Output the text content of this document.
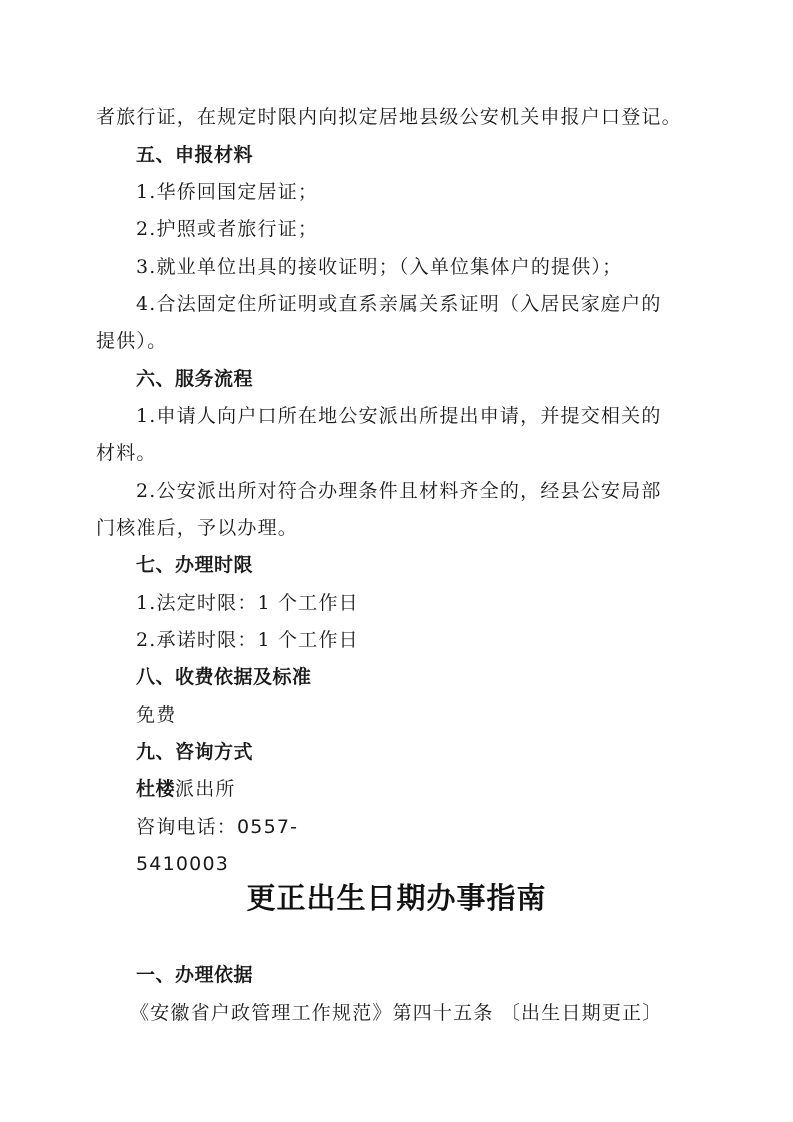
者旅行证，在规定时限内向拟定居地县级公安机关申报户口登记。
五、申报材料
1.华侨回国定居证；
2.护照或者旅行证；
3.就业单位出具的接收证明；（入单位集体户的提供）；
4.合法固定住所证明或直系亲属关系证明（入居民家庭户的
提供）。
六、服务流程
1.申请人向户口所在地公安派出所提出申请，并提交相关的
材料。
2.公安派出所对符合办理条件且材料齐全的，经县公安局部
门核准后，予以办理。
七、办理时限
1.法定时限：1 个工作日
2.承诺时限：1 个工作日
八、收费依据及标准
免费
九、咨询方式
杜楼派出所
咨询电话：0557-
5410003
更正出生日期办事指南
一、办理依据
《安徽省户政管理工作规范》第四十五条 〔出生日期更正〕
